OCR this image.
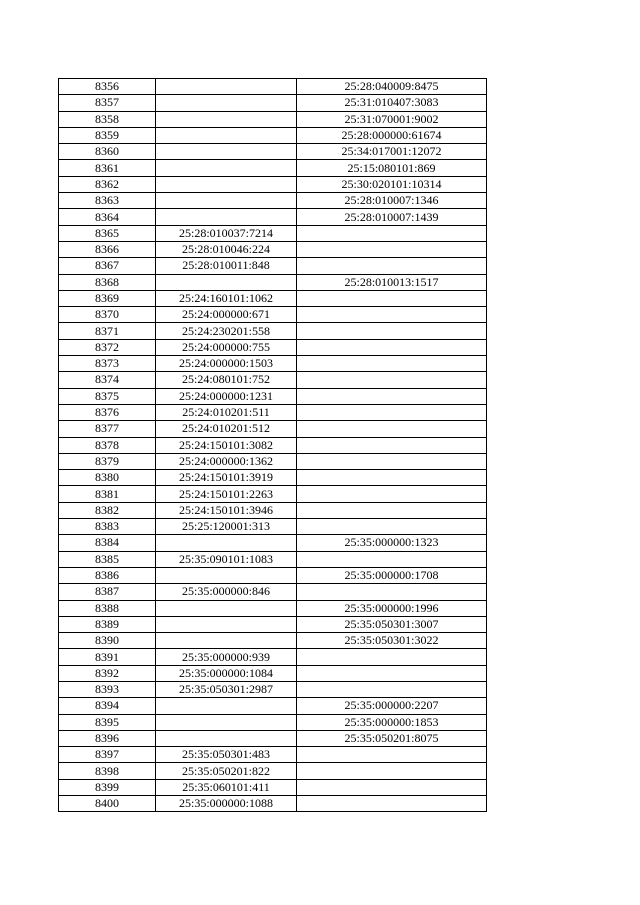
8356		25:28:040009:8475
8357		25:31:010407:3083
8358		25:31:070001:9002
8359		25:28:000000:61674
8360		25:34:017001:12072
8361		25:15:080101:869
8362		25:30:020101:10314
8363		25:28:010007:1346
8364		25:28:010007:1439
8365	25:28:010037:7214	
8366	25:28:010046:224	
8367	25:28:010011:848	
8368		25:28:010013:1517
8369	25:24:160101:1062	
8370	25:24:000000:671	
8371	25:24:230201:558	
8372	25:24:000000:755	
8373	25:24:000000:1503	
8374	25:24:080101:752	
8375	25:24:000000:1231	
8376	25:24:010201:511	
8377	25:24:010201:512	
8378	25:24:150101:3082	
8379	25:24:000000:1362	
8380	25:24:150101:3919	
8381	25:24:150101:2263	
8382	25:24:150101:3946	
8383	25:25:120001:313	
8384		25:35:000000:1323
8385	25:35:090101:1083	
8386		25:35:000000:1708
8387	25:35:000000:846	
8388		25:35:000000:1996
8389		25:35:050301:3007
8390		25:35:050301:3022
8391	25:35:000000:939	
8392	25:35:000000:1084	
8393	25:35:050301:2987	
8394		25:35:000000:2207
8395		25:35:000000:1853
8396		25:35:050201:8075
8397	25:35:050301:483	
8398	25:35:050201:822	
8399	25:35:060101:411	
8400	25:35:000000:1088	
